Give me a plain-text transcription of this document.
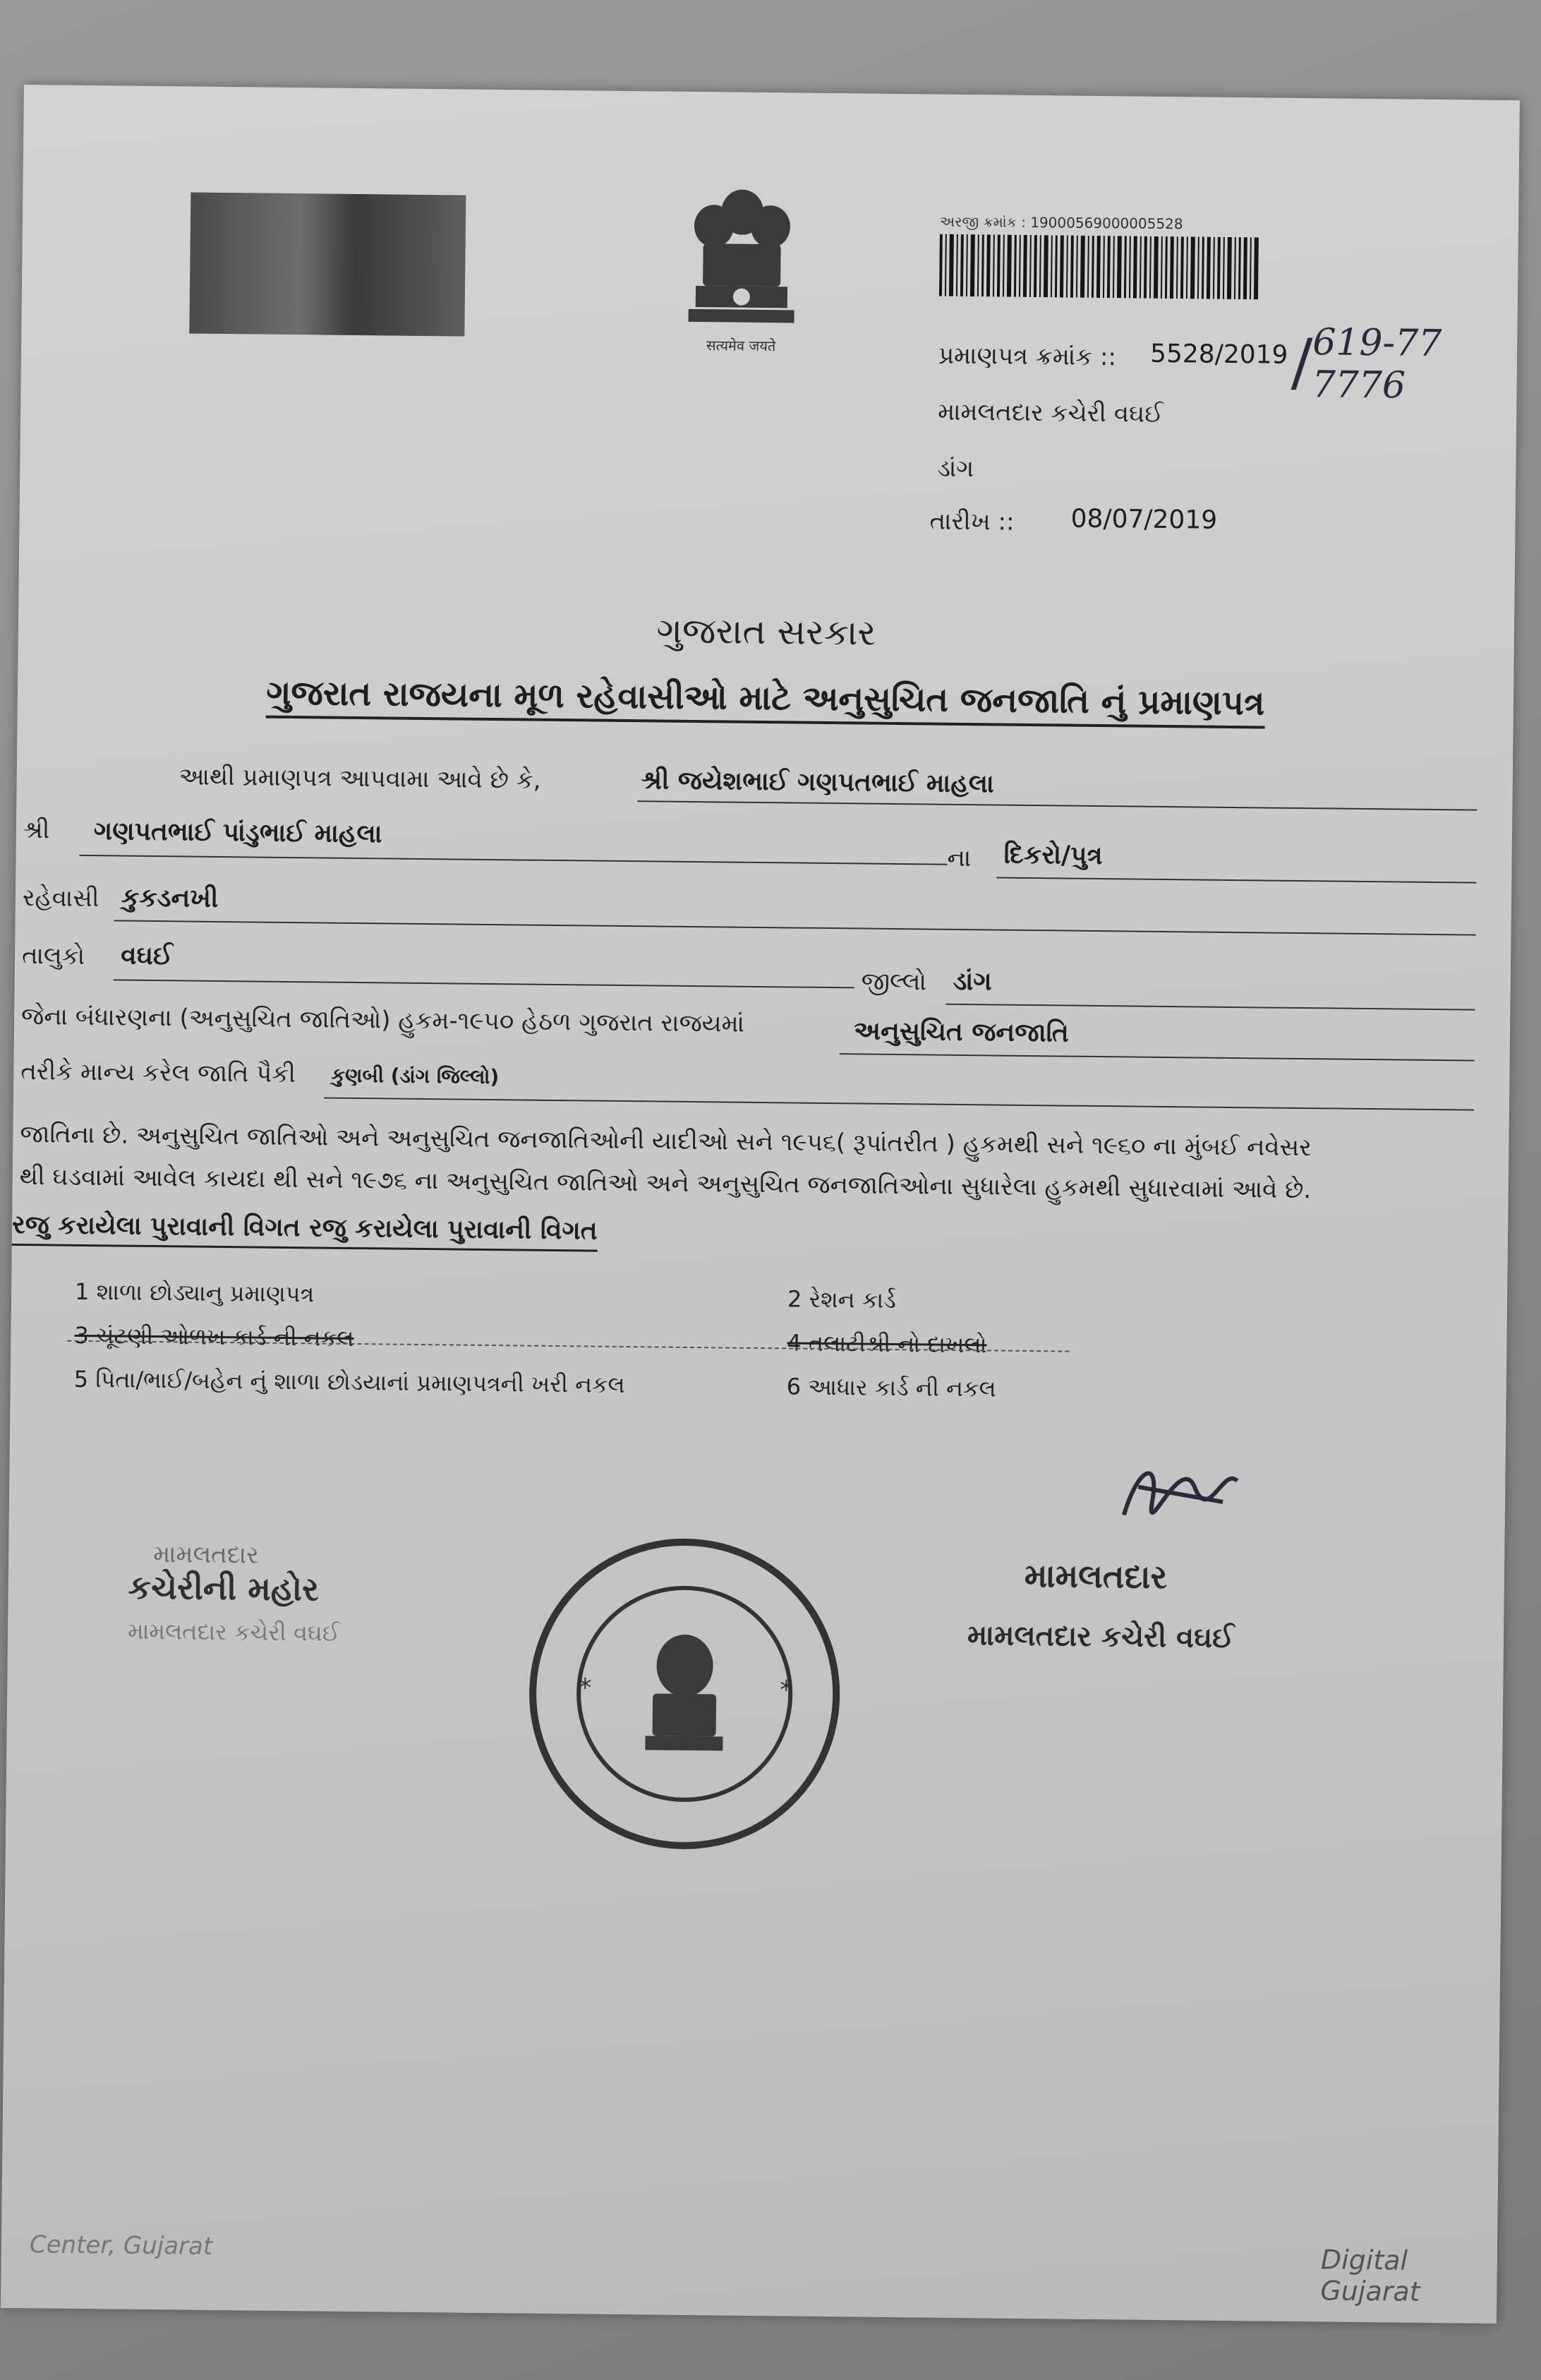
सत्यमेव जयते
અરજી ક્રમાંક : 19000569000005528
પ્રમાણપત્ર ક્રમાંક :: 5528/2019 / 619-77
7776
મામલતદાર કચેરી વઘઈ
ડાંગ
તારીખ :: 08/07/2019
ગુજરાત સરકાર
ગુજરાત રાજયના મૂળ રહેવાસીઓ માટે અનુસુચિત જનજાતિ નું પ્રમાણપત્ર
આથી પ્રમાણપત્ર આપવામા આવે છે કે,	શ્રી જયેશભાઈ ગણપતભાઈ માહલા
શ્રી ગણપતભાઈ પાંડુભાઈ માહલા
ના દિકરો/પુત્ર
રહેવાસી કુકડનખી
તાલુકો વઘઈ
જીલ્લો ડાંગ
જેના બંધારણના (અનુસુચિત જાતિઓ) હુકમ-૧૯૫૦ હેઠળ ગુજરાત રાજયમાં	અનુસુચિત જનજાતિ
તરીકે માન્ય કરેલ જાતિ પૈકી કુણબી (ડાંગ જિલ્લો)
જાતિના છે. અનુસુચિત જાતિઓ અને અનુસુચિત જનજાતિઓની યાદીઓ સને ૧૯૫૬( રૂપાંતરીત ) હુકમથી સને ૧૯૬૦ ના મુંબઈ નવેસર
થી ઘડવામાં આવેલ કાયદા થી સને ૧૯૭૬ ના અનુસુચિત જાતિઓ અને અનુસુચિત જનજાતિઓના સુધારેલા હુકમથી સુધારવામાં આવે છે.
રજુ કરાયેલા પુરાવાની વિગત રજુ કરાયેલા પુરાવાની વિગત
1 શાળા છોડ્યાનુ પ્રમાણપત્ર	2 રેશન કાર્ડ
3 ચૂંટણી ઓળખ કાર્ડ ની નકલ	4 તલાટીશ્રી નો દાખલો
5 પિતા/ભાઈ/બહેન નું શાળા છોડયાનાં પ્રમાણપત્રની ખરી નકલ	6 આધાર કાર્ડ ની નકલ
મામલતદાર
મામલતદાર કચેરી વઘઈ
મામલતદાર
કચેરીની મહોર
મામલતદાર કચેરી વઘઈ
*	*
Center, Gujarat	Digital Gujarat
